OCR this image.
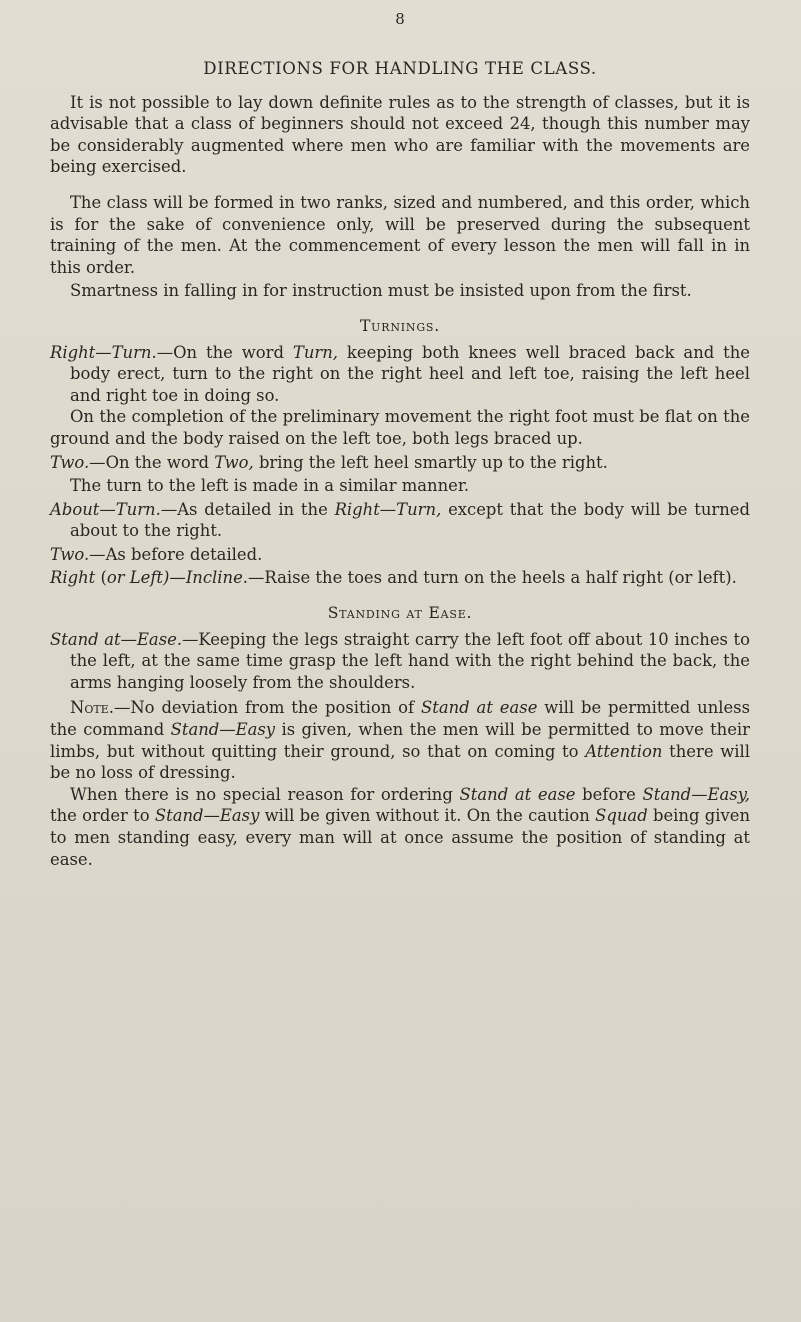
8
DIRECTIONS FOR HANDLING THE CLASS.

It is not possible to lay down definite rules as to the strength of classes, but it is advisable that a class of beginners should not exceed 24, though this number may be considerably augmented where men who are familiar with the movements are being exercised.

The class will be formed in two ranks, sized and numbered, and this order, which is for the sake of convenience only, will be preserved during the subsequent training of the men. At the commencement of every lesson the men will fall in in this order.

Smartness in falling in for instruction must be insisted upon from the first.

Turnings.

Right—Turn.—On the word Turn, keeping both knees well braced back and the body erect, turn to the right on the right heel and left toe, raising the left heel and right toe in doing so.

On the completion of the preliminary movement the right foot must be flat on the ground and the body raised on the left toe, both legs braced up.

Two.—On the word Two, bring the left heel smartly up to the right.

The turn to the left is made in a similar manner.

About—Turn.—As detailed in the Right—Turn, except that the body will be turned about to the right.

Two.—As before detailed.

Right (or Left)—Incline.—Raise the toes and turn on the heels a half right (or left).

Standing at Ease.

Stand at—Ease.—Keeping the legs straight carry the left foot off about 10 inches to the left, at the same time grasp the left hand with the right behind the back, the arms hanging loosely from the shoulders.

Note.—No deviation from the position of Stand at ease will be permitted unless the command Stand—Easy is given, when the men will be permitted to move their limbs, but without quitting their ground, so that on coming to Attention there will be no loss of dressing.

When there is no special reason for ordering Stand at ease before Stand—Easy, the order to Stand—Easy will be given without it. On the caution Squad being given to men standing easy, every man will at once assume the position of standing at ease.
